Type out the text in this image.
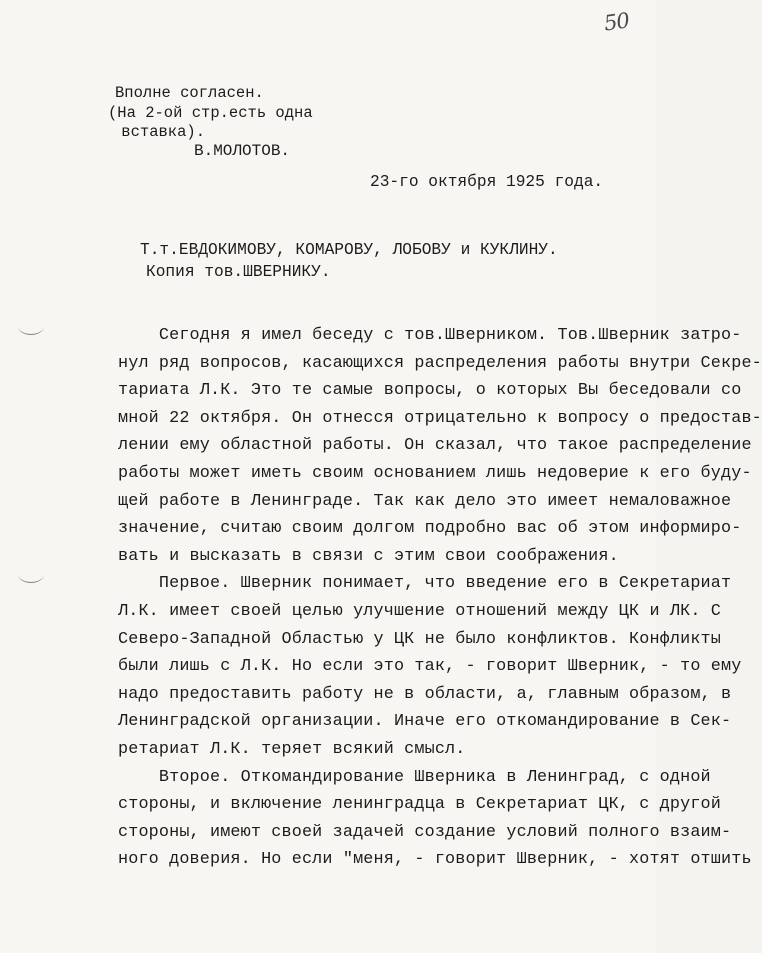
50
Вполне согласен.
(На 2-ой стр.есть одна
вставка).
В.МОЛОТОВ.
23-го октября 1925 года.
Т.т.ЕВДОКИМОВУ, КОМАРОВУ, ЛОБОВУ и КУКЛИНУ.
Копия тов.ШВЕРНИКУ.
Сегодня я имел беседу с тов.Шверником. Тов.Шверник затро-
нул ряд вопросов, касающихся распределения работы внутри Секре-
тариата Л.К. Это те самые вопросы, о которых Вы беседовали со
мной 22 октября. Он отнесся отрицательно к вопросу о предостав-
лении ему областной работы. Он сказал, что такое распределение
работы может иметь своим основанием лишь недоверие к его буду-
щей работе в Ленинграде. Так как дело это имеет немаловажное
значение, считаю своим долгом подробно вас об этом информиро-
вать и высказать в связи с этим свои соображения.
Первое. Шверник понимает, что введение его в Секретариат
Л.К. имеет своей целью улучшение отношений между ЦК и ЛК. С
Северо-Западной Областью у ЦК не было конфликтов. Конфликты
были лишь с Л.К. Но если это так, - говорит Шверник, - то ему
надо предоставить работу не в области, а, главным образом, в
Ленинградской организации. Иначе его откомандирование в Сек-
ретариат Л.К. теряет всякий смысл.
Второе. Откомандирование Шверника в Ленинград, с одной
стороны, и включение ленинградца в Секретариат ЦК, с другой
стороны, имеют своей задачей создание условий полного взаим-
ного доверия. Но если "меня, - говорит Шверник, - хотят отшить
